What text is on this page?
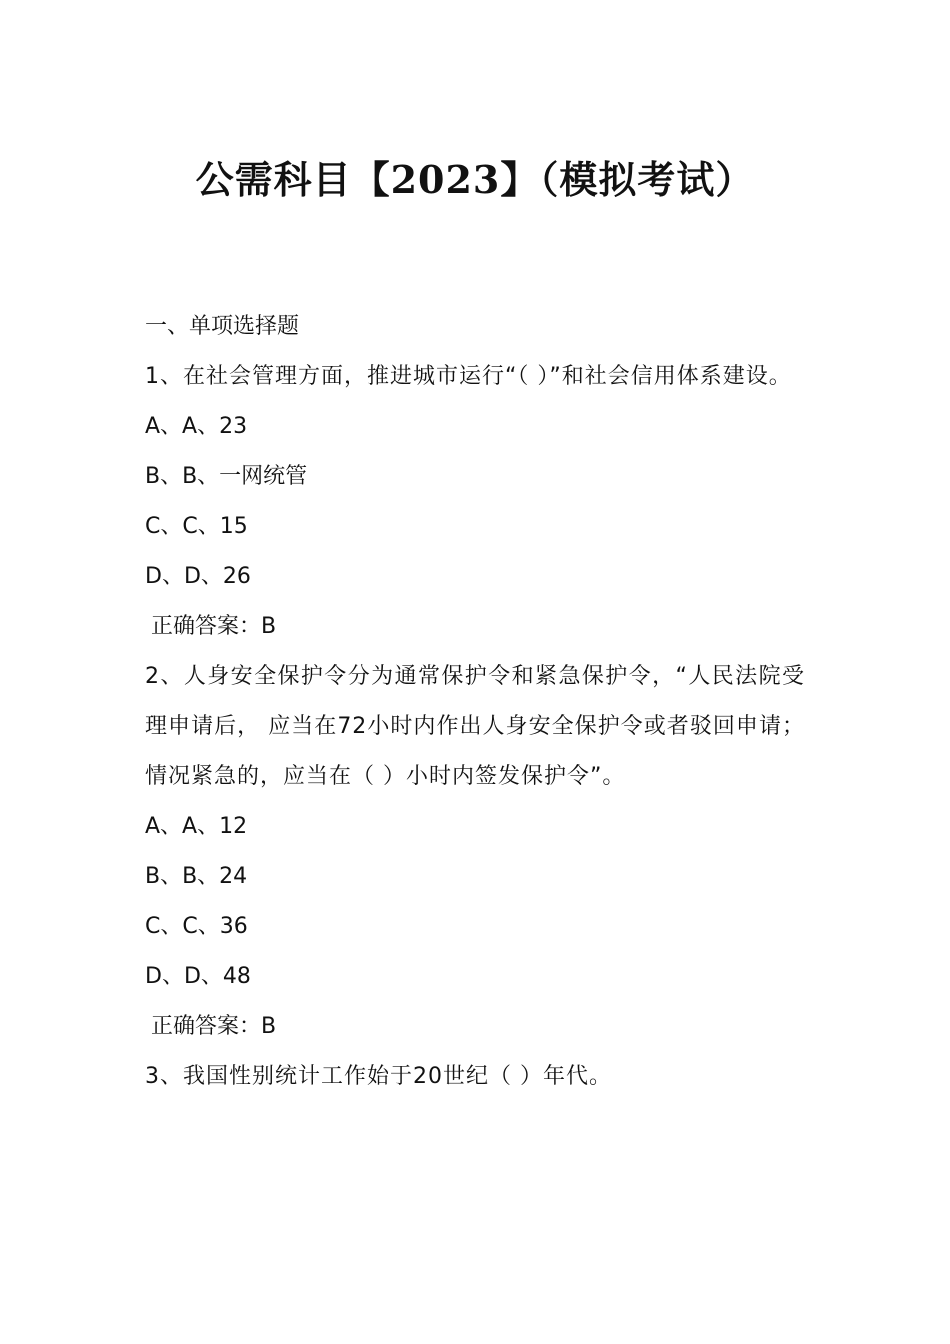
公需科目【2023】（模拟考试）
一、单项选择题
1、在社会管理方面，推进城市运行“（ ）”和社会信用体系建设。
A、A、23
B、B、一网统管
C、C、15
D、D、26
正确答案：B
2、人身安全保护令分为通常保护令和紧急保护令，“人民法院受理申请后， 应当在72小时内作出人身安全保护令或者驳回申请；情况紧急的，应当在（ ）小时内签发保护令”。
A、A、12
B、B、24
C、C、36
D、D、48
正确答案：B
3、我国性别统计工作始于20世纪（ ）年代。
